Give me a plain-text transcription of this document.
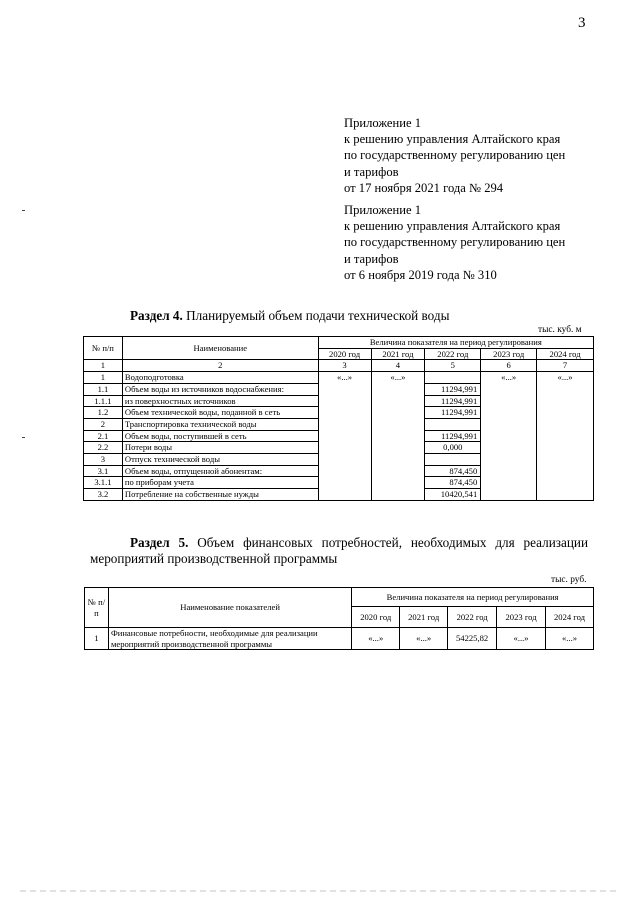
3
Приложение 1
к решению управления Алтайского края
по государственному регулированию цен
и тарифов
от 17 ноября 2021 года № 294
Приложение 1
к решению управления Алтайского края
по государственному регулированию цен
и тарифов
от 6 ноября 2019 года № 310
Раздел 4. Планируемый объем подачи технической воды
тыс. куб. м
№ п/п	Наименование	Величина показателя на период регулирования				
		2020 год	2021 год	2022 год	2023 год	2024 год
1	2	3	4	5	6	7
1	Водоподготовка	«...»	«...»		«...»	«...»
1.1	Объем воды из источников водоснабжения:			11294,991		
1.1.1	из поверхностных источников			11294,991		
1.2	Объем технической воды, поданной в сеть			11294,991		
2	Транспортировка технической воды					
2.1	Объем воды, поступившей в сеть			11294,991		
2.2	Потери воды			0,000		
3	Отпуск технической воды					
3.1	Объем воды, отпущенной абонентам:			874,450		
3.1.1	по приборам учета			874,450		
3.2	Потребление на собственные нужды			10420,541		
Раздел 5. Объем финансовых потребностей, необходимых для реализации мероприятий производственной программы
тыс. руб.
№ п/п	Наименование показателей	Величина показателя на период регулирования				
		2020 год	2021 год	2022 год	2023 год	2024 год
1	Финансовые потребности, необходимые для реализации мероприятий производственной программы	«...»	«...»	54225,82	«...»	«...»
